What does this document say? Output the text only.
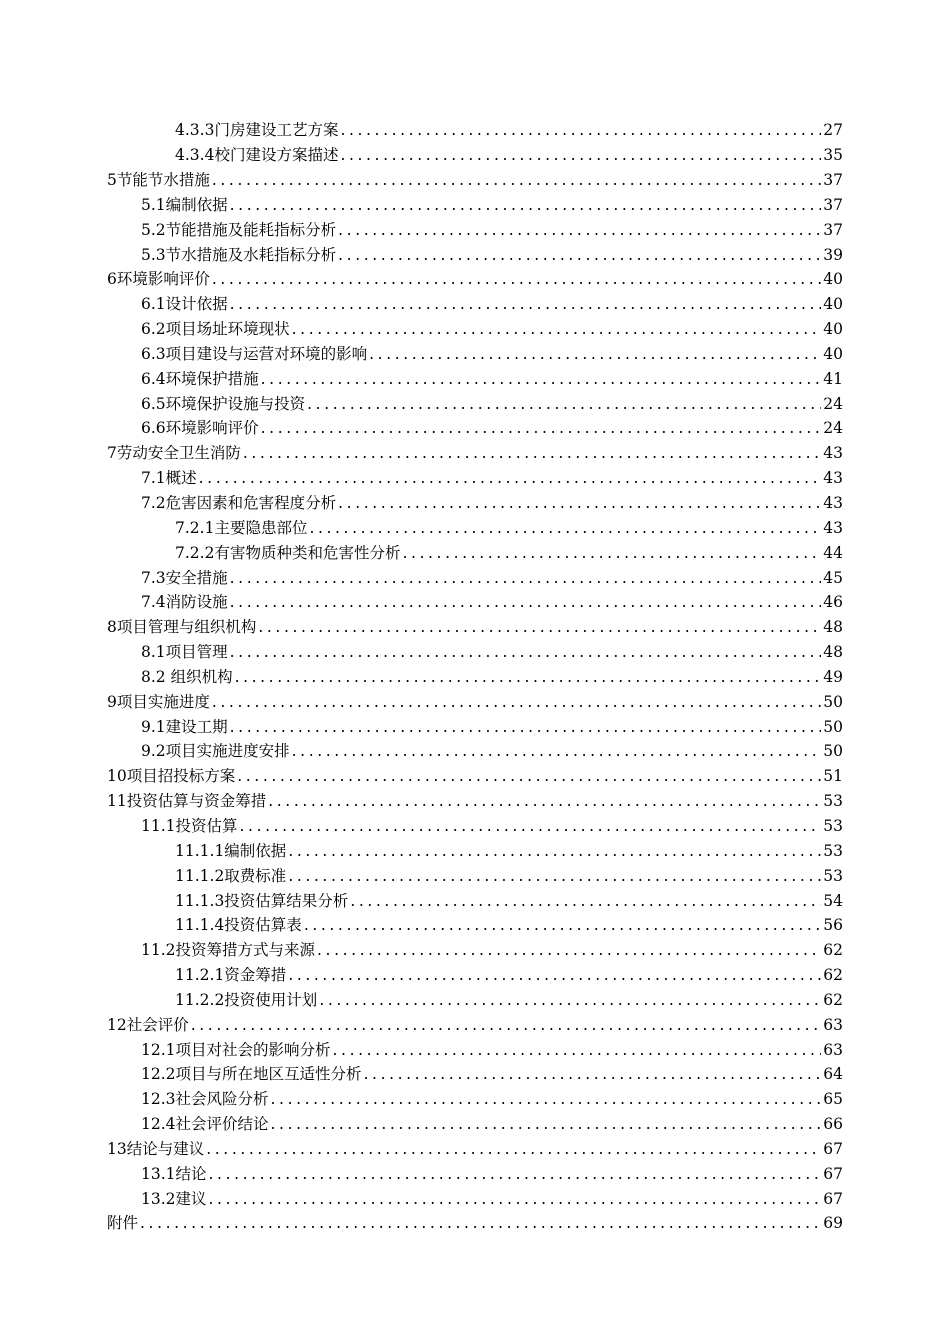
4.3.3门房建设工艺方案 .....	27
4.3.4校门建设方案描述 .....	35
5节能节水措施 .....	37
5.1编制依据 .....	37
5.2节能措施及能耗指标分析 .....	37
5.3节水措施及水耗指标分析 .....	39
6环境影响评价 .....	40
6.1设计依据 .....	40
6.2项目场址环境现状 .....	40
6.3项目建设与运营对环境的影响 .....	40
6.4环境保护措施 .....	41
6.5环境保护设施与投资 .....	24
6.6环境影响评价 .....	24
7劳动安全卫生消防 .....	43
7.1概述 .....	43
7.2危害因素和危害程度分析 .....	43
7.2.1主要隐患部位 .....	43
7.2.2有害物质种类和危害性分析 .....	44
7.3安全措施 .....	45
7.4消防设施 .....	46
8项目管理与组织机构 .....	48
8.1项目管理 .....	48
8.2 组织机构 .....	49
9项目实施进度 .....	50
9.1建设工期 .....	50
9.2项目实施进度安排 .....	50
10项目招投标方案 .....	51
11投资估算与资金筹措 .....	53
11.1投资估算 .....	53
11.1.1编制依据 .....	53
11.1.2取费标准 .....	53
11.1.3投资估算结果分析 .....	54
11.1.4投资估算表 .....	56
11.2投资筹措方式与来源 .....	62
11.2.1资金筹措 .....	62
11.2.2投资使用计划 .....	62
12社会评价 .....	63
12.1项目对社会的影响分析 .....	63
12.2项目与所在地区互适性分析 .....	64
12.3社会风险分析 .....	65
12.4社会评价结论 .....	66
13结论与建议 .....	67
13.1结论 .....	67
13.2建议 .....	67
附件 .....	69
